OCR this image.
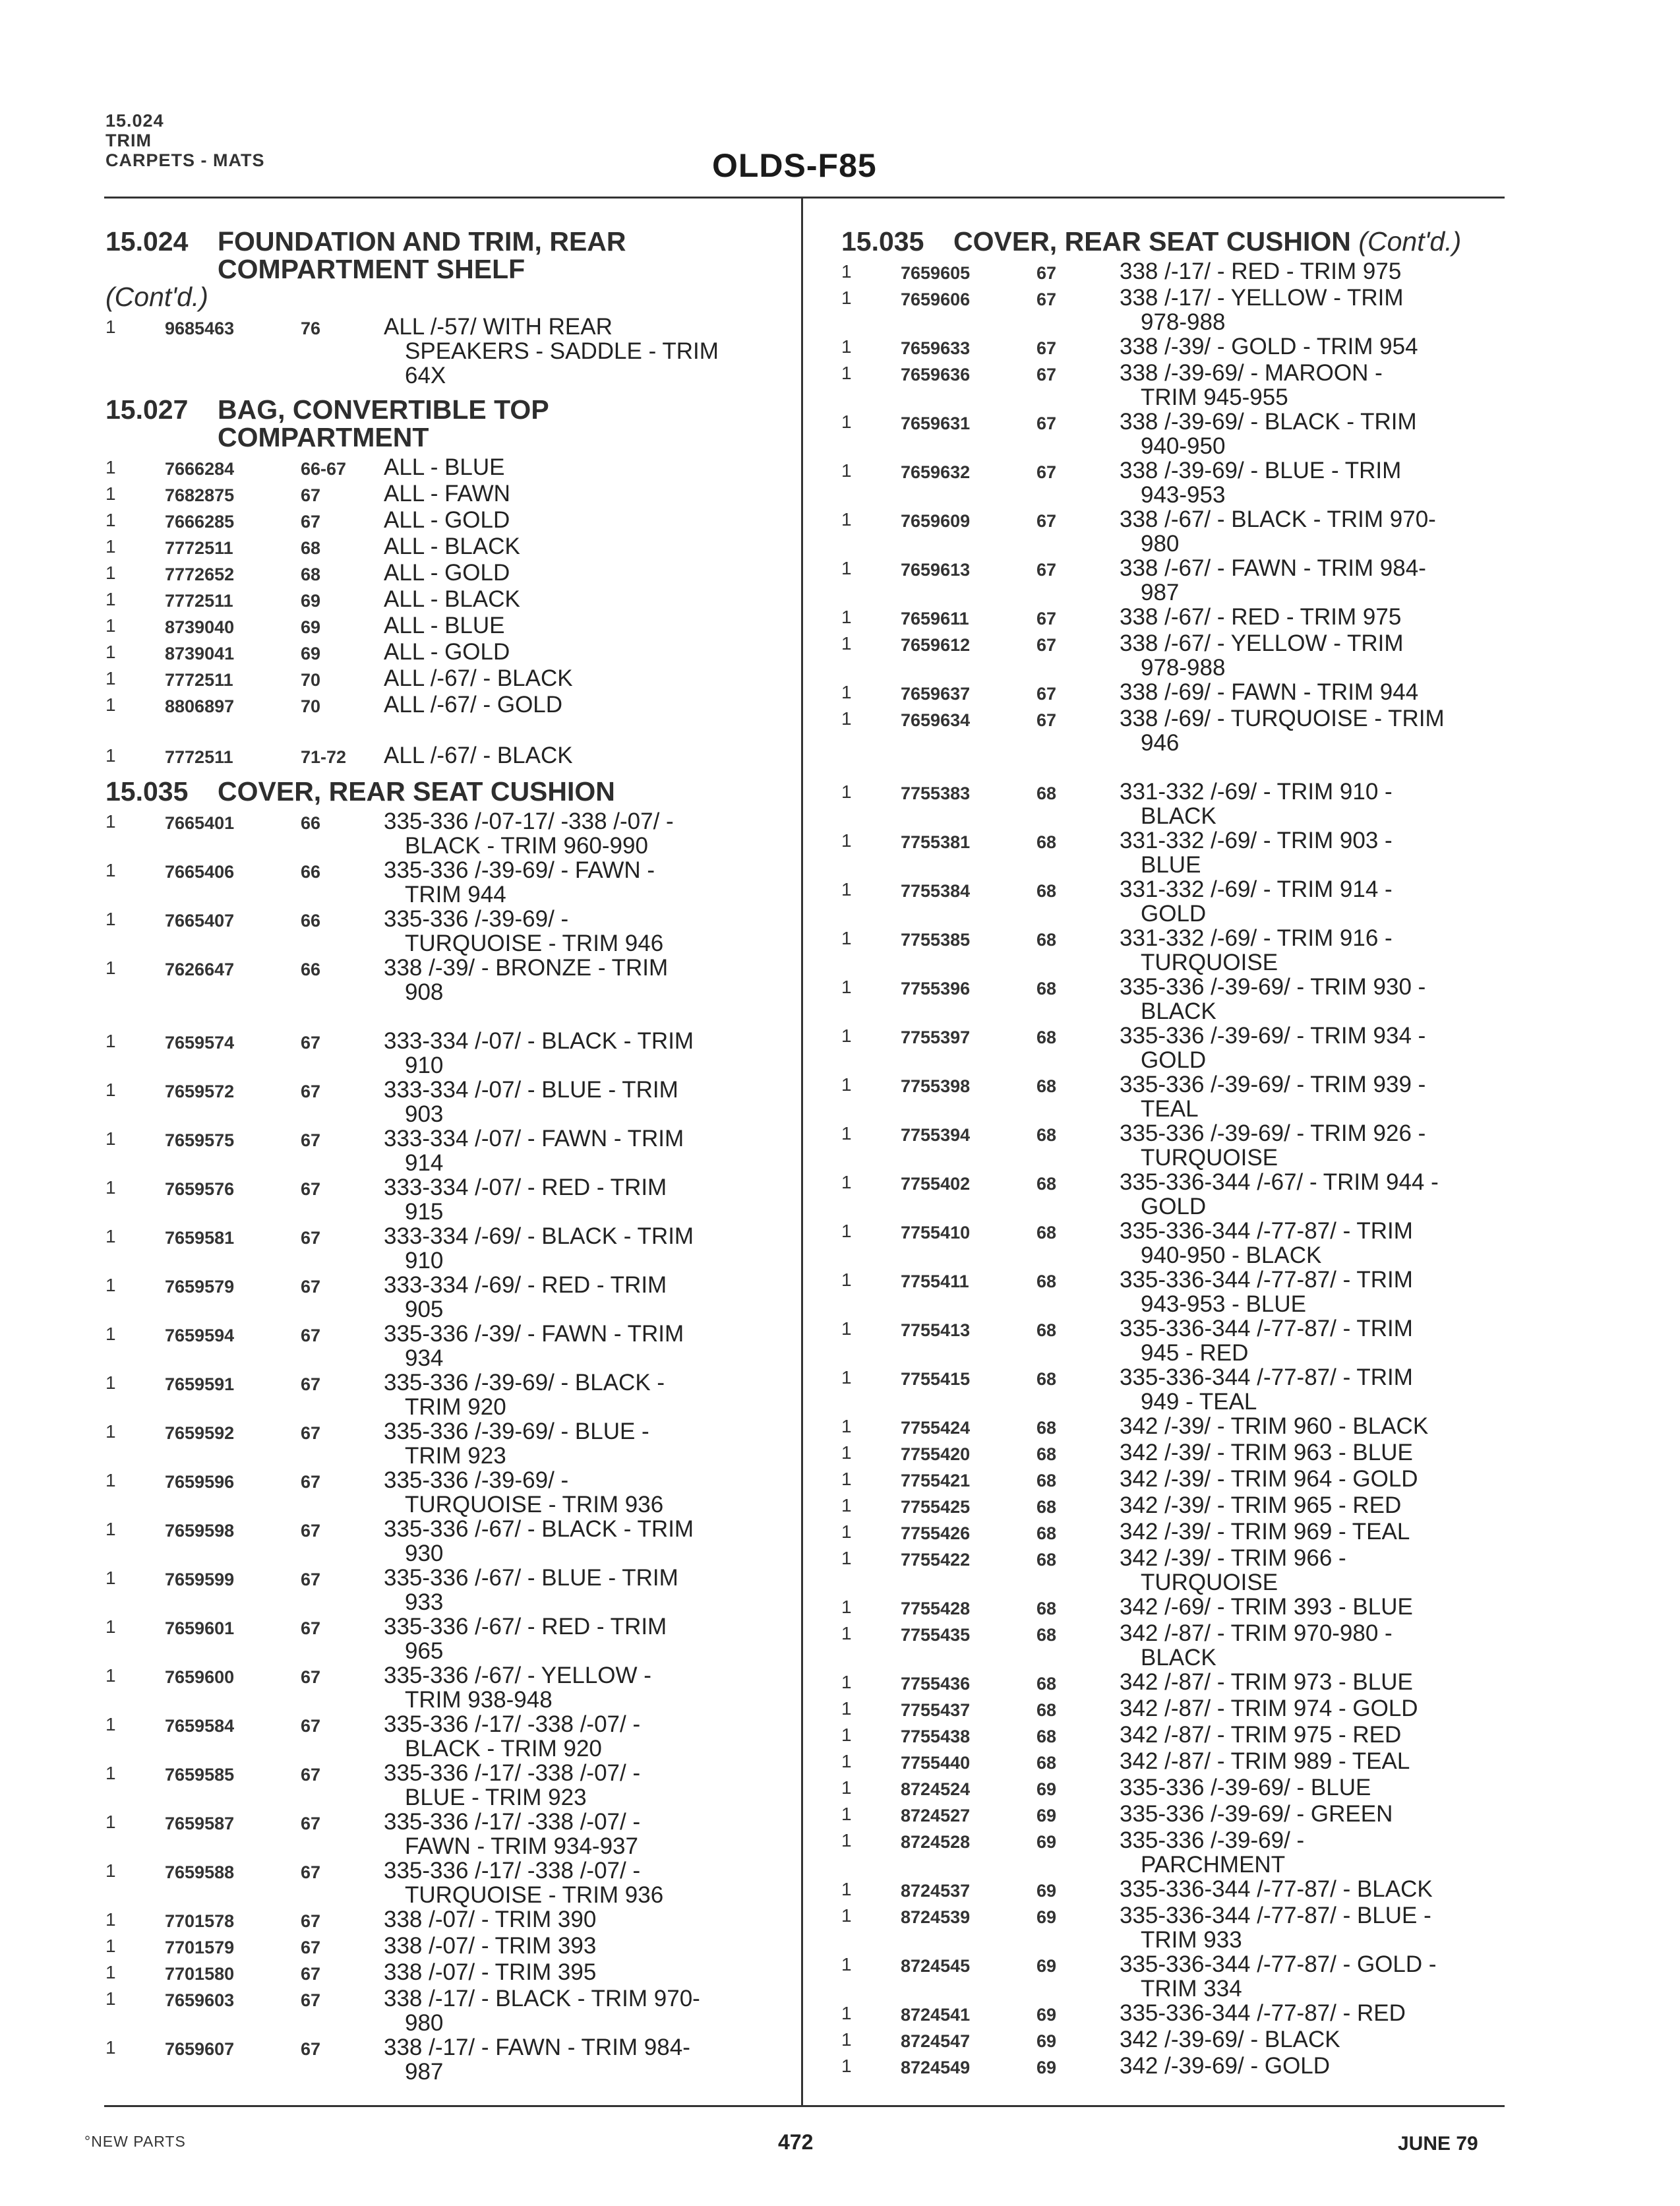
15.024
TRIM
CARPETS - MATS	OLDS-F85
15.024 FOUNDATION AND TRIM, REAR
COMPARTMENT SHELF
(Cont'd.)
1	9685463	76	ALL /-57/ WITH REAR
SPEAKERS - SADDLE - TRIM
64X
15.027 BAG, CONVERTIBLE TOP
COMPARTMENT
1	7666284	66-67	ALL - BLUE
1	7682875	67	ALL - FAWN
1	7666285	67	ALL - GOLD
1	7772511	68	ALL - BLACK
1	7772652	68	ALL - GOLD
1	7772511	69	ALL - BLACK
1	8739040	69	ALL - BLUE
1	8739041	69	ALL - GOLD
1	7772511	70	ALL /-67/ - BLACK
1	8806897	70	ALL /-67/ - GOLD
1	7772511	71-72	ALL /-67/ - BLACK
15.035 COVER, REAR SEAT CUSHION
1	7665401	66	335-336 /-07-17/ -338 /-07/ -
BLACK - TRIM 960-990
1	7665406	66	335-336 /-39-69/ - FAWN -
TRIM 944
1	7665407	66	335-336 /-39-69/ -
TURQUOISE - TRIM 946
1	7626647	66	338 /-39/ - BRONZE - TRIM
908
1	7659574	67	333-334 /-07/ - BLACK - TRIM
910
1	7659572	67	333-334 /-07/ - BLUE - TRIM
903
1	7659575	67	333-334 /-07/ - FAWN - TRIM
914
1	7659576	67	333-334 /-07/ - RED - TRIM
915
1	7659581	67	333-334 /-69/ - BLACK - TRIM
910
1	7659579	67	333-334 /-69/ - RED - TRIM
905
1	7659594	67	335-336 /-39/ - FAWN - TRIM
934
1	7659591	67	335-336 /-39-69/ - BLACK -
TRIM 920
1	7659592	67	335-336 /-39-69/ - BLUE -
TRIM 923
1	7659596	67	335-336 /-39-69/ -
TURQUOISE - TRIM 936
1	7659598	67	335-336 /-67/ - BLACK - TRIM
930
1	7659599	67	335-336 /-67/ - BLUE - TRIM
933
1	7659601	67	335-336 /-67/ - RED - TRIM
965
1	7659600	67	335-336 /-67/ - YELLOW -
TRIM 938-948
1	7659584	67	335-336 /-17/ -338 /-07/ -
BLACK - TRIM 920
1	7659585	67	335-336 /-17/ -338 /-07/ -
BLUE - TRIM 923
1	7659587	67	335-336 /-17/ -338 /-07/ -
FAWN - TRIM 934-937
1	7659588	67	335-336 /-17/ -338 /-07/ -
TURQUOISE - TRIM 936
1	7701578	67	338 /-07/ - TRIM 390
1	7701579	67	338 /-07/ - TRIM 393
1	7701580	67	338 /-07/ - TRIM 395
1	7659603	67	338 /-17/ - BLACK - TRIM 970-
980
1	7659607	67	338 /-17/ - FAWN - TRIM 984-
987
15.035 COVER, REAR SEAT CUSHION (Cont'd.)
1	7659605	67	338 /-17/ - RED - TRIM 975
1	7659606	67	338 /-17/ - YELLOW - TRIM
978-988
1	7659633	67	338 /-39/ - GOLD - TRIM 954
1	7659636	67	338 /-39-69/ - MAROON -
TRIM 945-955
1	7659631	67	338 /-39-69/ - BLACK - TRIM
940-950
1	7659632	67	338 /-39-69/ - BLUE - TRIM
943-953
1	7659609	67	338 /-67/ - BLACK - TRIM 970-
980
1	7659613	67	338 /-67/ - FAWN - TRIM 984-
987
1	7659611	67	338 /-67/ - RED - TRIM 975
1	7659612	67	338 /-67/ - YELLOW - TRIM
978-988
1	7659637	67	338 /-69/ - FAWN - TRIM 944
1	7659634	67	338 /-69/ - TURQUOISE - TRIM
946
1	7755383	68	331-332 /-69/ - TRIM 910 -
BLACK
1	7755381	68	331-332 /-69/ - TRIM 903 -
BLUE
1	7755384	68	331-332 /-69/ - TRIM 914 -
GOLD
1	7755385	68	331-332 /-69/ - TRIM 916 -
TURQUOISE
1	7755396	68	335-336 /-39-69/ - TRIM 930 -
BLACK
1	7755397	68	335-336 /-39-69/ - TRIM 934 -
GOLD
1	7755398	68	335-336 /-39-69/ - TRIM 939 -
TEAL
1	7755394	68	335-336 /-39-69/ - TRIM 926 -
TURQUOISE
1	7755402	68	335-336-344 /-67/ - TRIM 944 -
GOLD
1	7755410	68	335-336-344 /-77-87/ - TRIM
940-950 - BLACK
1	7755411	68	335-336-344 /-77-87/ - TRIM
943-953 - BLUE
1	7755413	68	335-336-344 /-77-87/ - TRIM
945 - RED
1	7755415	68	335-336-344 /-77-87/ - TRIM
949 - TEAL
1	7755424	68	342 /-39/ - TRIM 960 - BLACK
1	7755420	68	342 /-39/ - TRIM 963 - BLUE
1	7755421	68	342 /-39/ - TRIM 964 - GOLD
1	7755425	68	342 /-39/ - TRIM 965 - RED
1	7755426	68	342 /-39/ - TRIM 969 - TEAL
1	7755422	68	342 /-39/ - TRIM 966 -
TURQUOISE
1	7755428	68	342 /-69/ - TRIM 393 - BLUE
1	7755435	68	342 /-87/ - TRIM 970-980 -
BLACK
1	7755436	68	342 /-87/ - TRIM 973 - BLUE
1	7755437	68	342 /-87/ - TRIM 974 - GOLD
1	7755438	68	342 /-87/ - TRIM 975 - RED
1	7755440	68	342 /-87/ - TRIM 989 - TEAL
1	8724524	69	335-336 /-39-69/ - BLUE
1	8724527	69	335-336 /-39-69/ - GREEN
1	8724528	69	335-336 /-39-69/ -
PARCHMENT
1	8724537	69	335-336-344 /-77-87/ - BLACK
1	8724539	69	335-336-344 /-77-87/ - BLUE -
TRIM 933
1	8724545	69	335-336-344 /-77-87/ - GOLD -
TRIM 334
1	8724541	69	335-336-344 /-77-87/ - RED
1	8724547	69	342 /-39-69/ - BLACK
1	8724549	69	342 /-39-69/ - GOLD
°NEW PARTS	472	JUNE 79
